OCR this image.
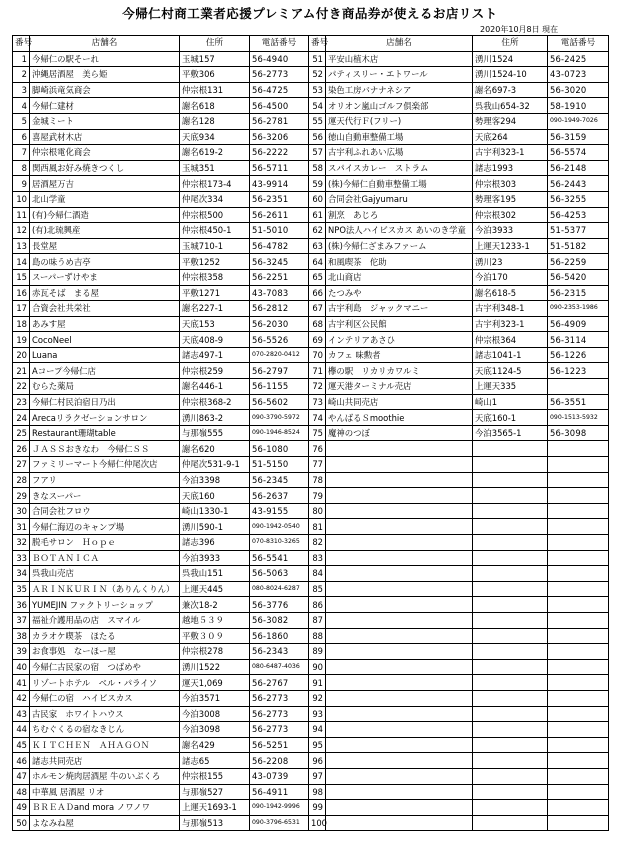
今帰仁村商工業者応援プレミアム付き商品券が使えるお店リスト
2020年10月8日 現在
番号	店舗名	住所	電話番号	番号	店舗名	住所	電話番号
1	今帰仁の駅そーれ	玉城157	56-4940	51	平安山植木店	湧川1524	56-2425
2	沖縄居酒屋　美ら姫	平敷306	56-2773	52	パティスリー・エトワール	湧川1524-10	43-0723
3	脚崎浜竜気商会	仲宗根131	56-4725	53	染色工房バナナネシア	謝名697-3	56-3020
4	今帰仁建材	謝名618	56-4500	54	オリオン嵐山ゴルフ倶楽部	呉我山654-32	58-1910
5	金城ミート	謝名128	56-2781	55	運天代行Ｆ(フリー)	勢理客294	090-1949-7026
6	喜屋武材木店	天底934	56-3206	56	徳山自動車整備工場	天底264	56-3159
7	仲宗根電化商会	謝名619-2	56-2222	57	古宇利ふれあい広場	古宇利323-1	56-5574
8	関西風お好み焼きつくし	玉城351	56-5711	58	スパイスカレー　ストラム	諸志1993	56-2148
9	居酒屋万吉	仲宗根173-4	43-9914	59	(株)今帰仁自動車整備工場	仲宗根303	56-2443
10	北山学童	仲尾次334	56-2351	60	合同会社Gajyumaru	勢理客195	56-3255
11	(有)今帰仁酒造	仲宗根500	56-2611	61	割烹　あじろ	仲宗根302	56-4253
12	(有)北琉興産	仲宗根450-1	51-5010	62	NPO法人ハイビスカス あいのき学童	今泊3933	51-5377
13	長堂屋	玉城710-1	56-4782	63	(株)今帰仁ざまみファーム	上運天1233-1	51-5182
14	島の味うめ吉亭	平敷1252	56-3245	64	和風喫茶　佗助	湧川23	56-2259
15	スーパーずけやま	仲宗根358	56-2251	65	北山商店	今泊170	56-5420
16	赤瓦そば　まる屋	平敷1271	43-7083	66	たつみや	謝名618-5	56-2315
17	合資会社共栄社	謝名227-1	56-2812	67	古宇利島　ジャックマニー	古宇利348-1	090-2353-1986
18	あみす屋	天底153	56-2030	68	古宇利区公民館	古宇利323-1	56-4909
19	CocoNeel	天底408-9	56-5526	69	インテリアあさひ	仲宗根364	56-3114
20	Luana	諸志497-1	070-2820-0412	70	カフェ 味勲者	諸志1041-1	56-1226
21	Aコープ今帰仁店	仲宗根259	56-2797	71	欅の駅　リカリカワルミ	天底1124-5	56-1223
22	むらた薬局	謝名446-1	56-1155	72	運天港ターミナル売店	上運天335	
23	今帰仁村民泊宿日乃出	仲宗根368-2	56-5602	73	崎山共同売店	崎山1	56-3551
24	Arecaリラクゼーションサロン	湧川863-2	090-3790-5972	74	やんばるＳmoothie	天底160-1	090-1513-5932
25	Restaurant珊瑚table	与那嶺555	090-1946-8524	75	魔神のつぼ	今泊3565-1	56-3098
26	ＪＡＳＳおきなわ　今帰仁ＳＳ	謝名620	56-1080	76			
27	ファミリーマート今帰仁仲尾次店	仲尾次531-9-1	51-5150	77			
28	フアリ	今泊3398	56-2345	78			
29	きなスーパー	天底160	56-2637	79			
30	合同会社フロウ	崎山1330-1	43-9155	80			
31	今帰仁海辺のキャンプ場	湧川590-1	090-1942-0540	81			
32	脱毛サロン　Ｈｏｐｅ	諸志396	070-8310-3265	82			
33	ＢＯＴＡＮＩＣＡ	今泊3933	56-5541	83			
34	呉我山売店	呉我山151	56-5063	84			
35	ＡＲＩＮＫＵＲＩＮ（ありんくりん）	上運天445	080-8024-6287	85			
36	YUMEJIN ファクトリーショップ	兼次18-2	56-3776	86			
37	福祉介護用品の店　スマイル	越地５３９	56-3082	87			
38	カラオケ喫茶　ほたる	平敷３０９	56-1860	88			
39	お食事処　なーほー屋	仲宗根278	56-2343	89			
40	今帰仁古民家の宿　つばめや	湧川1522	080-6487-4036	90			
41	リゾートホテル　ベル・パライソ	運天1,069	56-2767	91			
42	今帰仁の宿　ハイビスカス	今泊3571	56-2773	92			
43	古民家　ホワイトハウス	今泊3008	56-2773	93			
44	ちむぐくるの宿なきじん	今泊3098	56-2773	94			
45	ＫＩＴＣＨＥＮ　ＡＨＡＧＯＮ	謝名429	56-5251	95			
46	諸志共同売店	諸志65	56-2208	96			
47	ホルモン焼肉居酒屋 牛のいぶくろ	仲宗根155	43-0739	97			
48	中華風 居酒屋 リオ	与那嶺527	56-4911	98			
49	ＢＲＥＡＤand mora ノワノワ	上運天1693-1	090-1942-9996	99			
50	よなみね屋	与那嶺513	090-3796-6531	100			
